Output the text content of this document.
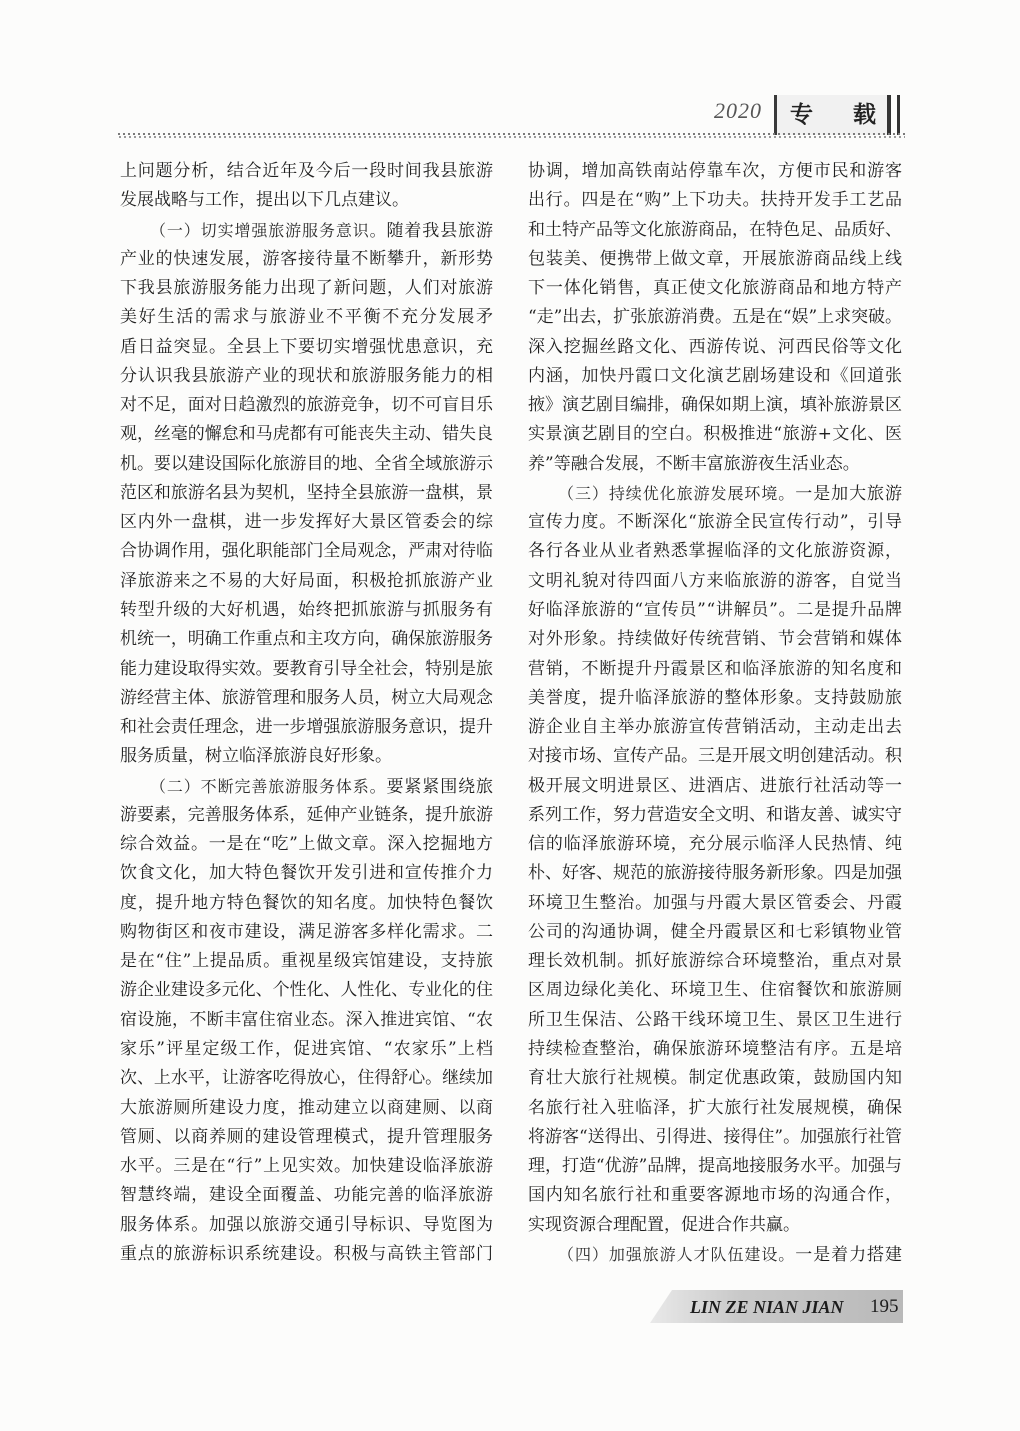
2020 专载
上问题分析，结合近年及今后一段时间我县旅游
发展战略与工作，提出以下几点建议。
（一）切实增强旅游服务意识。随着我县旅游
产业的快速发展，游客接待量不断攀升，新形势
下我县旅游服务能力出现了新问题，人们对旅游
美好生活的需求与旅游业不平衡不充分发展矛
盾日益突显。全县上下要切实增强忧患意识，充
分认识我县旅游产业的现状和旅游服务能力的相
对不足，面对日趋激烈的旅游竞争，切不可盲目乐
观，丝毫的懈怠和马虎都有可能丧失主动、错失良
机。要以建设国际化旅游目的地、全省全域旅游示
范区和旅游名县为契机，坚持全县旅游一盘棋，景
区内外一盘棋，进一步发挥好大景区管委会的综
合协调作用，强化职能部门全局观念，严肃对待临
泽旅游来之不易的大好局面，积极抢抓旅游产业
转型升级的大好机遇，始终把抓旅游与抓服务有
机统一，明确工作重点和主攻方向，确保旅游服务
能力建设取得实效。要教育引导全社会，特别是旅
游经营主体、旅游管理和服务人员，树立大局观念
和社会责任理念，进一步增强旅游服务意识，提升
服务质量，树立临泽旅游良好形象。
（二）不断完善旅游服务体系。要紧紧围绕旅
游要素，完善服务体系，延伸产业链条，提升旅游
综合效益。一是在“吃”上做文章。深入挖掘地方
饮食文化，加大特色餐饮开发引进和宣传推介力
度，提升地方特色餐饮的知名度。加快特色餐饮
购物街区和夜市建设，满足游客多样化需求。二
是在“住”上提品质。重视星级宾馆建设，支持旅
游企业建设多元化、个性化、人性化、专业化的住
宿设施，不断丰富住宿业态。深入推进宾馆、“农
家乐”评星定级工作，促进宾馆、“农家乐”上档
次、上水平，让游客吃得放心，住得舒心。继续加
大旅游厕所建设力度，推动建立以商建厕、以商
管厕、以商养厕的建设管理模式，提升管理服务
水平。三是在“行”上见实效。加快建设临泽旅游
智慧终端，建设全面覆盖、功能完善的临泽旅游
服务体系。加强以旅游交通引导标识、导览图为
重点的旅游标识系统建设。积极与高铁主管部门
协调，增加高铁南站停靠车次，方便市民和游客
出行。四是在“购”上下功夫。扶持开发手工艺品
和土特产品等文化旅游商品，在特色足、品质好、
包装美、便携带上做文章，开展旅游商品线上线
下一体化销售，真正使文化旅游商品和地方特产
“走”出去，扩张旅游消费。五是在“娱”上求突破。
深入挖掘丝路文化、西游传说、河西民俗等文化
内涵，加快丹霞口文化演艺剧场建设和《回道张
掖》演艺剧目编排，确保如期上演，填补旅游景区
实景演艺剧目的空白。积极推进“旅游+文化、医
养”等融合发展，不断丰富旅游夜生活业态。
（三）持续优化旅游发展环境。一是加大旅游
宣传力度。不断深化“旅游全民宣传行动”，引导
各行各业从业者熟悉掌握临泽的文化旅游资源，
文明礼貌对待四面八方来临旅游的游客，自觉当
好临泽旅游的“宣传员”“讲解员”。二是提升品牌
对外形象。持续做好传统营销、节会营销和媒体
营销，不断提升丹霞景区和临泽旅游的知名度和
美誉度，提升临泽旅游的整体形象。支持鼓励旅
游企业自主举办旅游宣传营销活动，主动走出去
对接市场、宣传产品。三是开展文明创建活动。积
极开展文明进景区、进酒店、进旅行社活动等一
系列工作，努力营造安全文明、和谐友善、诚实守
信的临泽旅游环境，充分展示临泽人民热情、纯
朴、好客、规范的旅游接待服务新形象。四是加强
环境卫生整治。加强与丹霞大景区管委会、丹霞
公司的沟通协调，健全丹霞景区和七彩镇物业管
理长效机制。抓好旅游综合环境整治，重点对景
区周边绿化美化、环境卫生、住宿餐饮和旅游厕
所卫生保洁、公路干线环境卫生、景区卫生进行
持续检查整治，确保旅游环境整洁有序。五是培
育壮大旅行社规模。制定优惠政策，鼓励国内知
名旅行社入驻临泽，扩大旅行社发展规模，确保
将游客“送得出、引得进、接得住”。加强旅行社管
理，打造“优游”品牌，提高地接服务水平。加强与
国内知名旅行社和重要客源地市场的沟通合作，
实现资源合理配置，促进合作共赢。
（四）加强旅游人才队伍建设。一是着力搭建
LIN ZE NIAN JIAN 195
